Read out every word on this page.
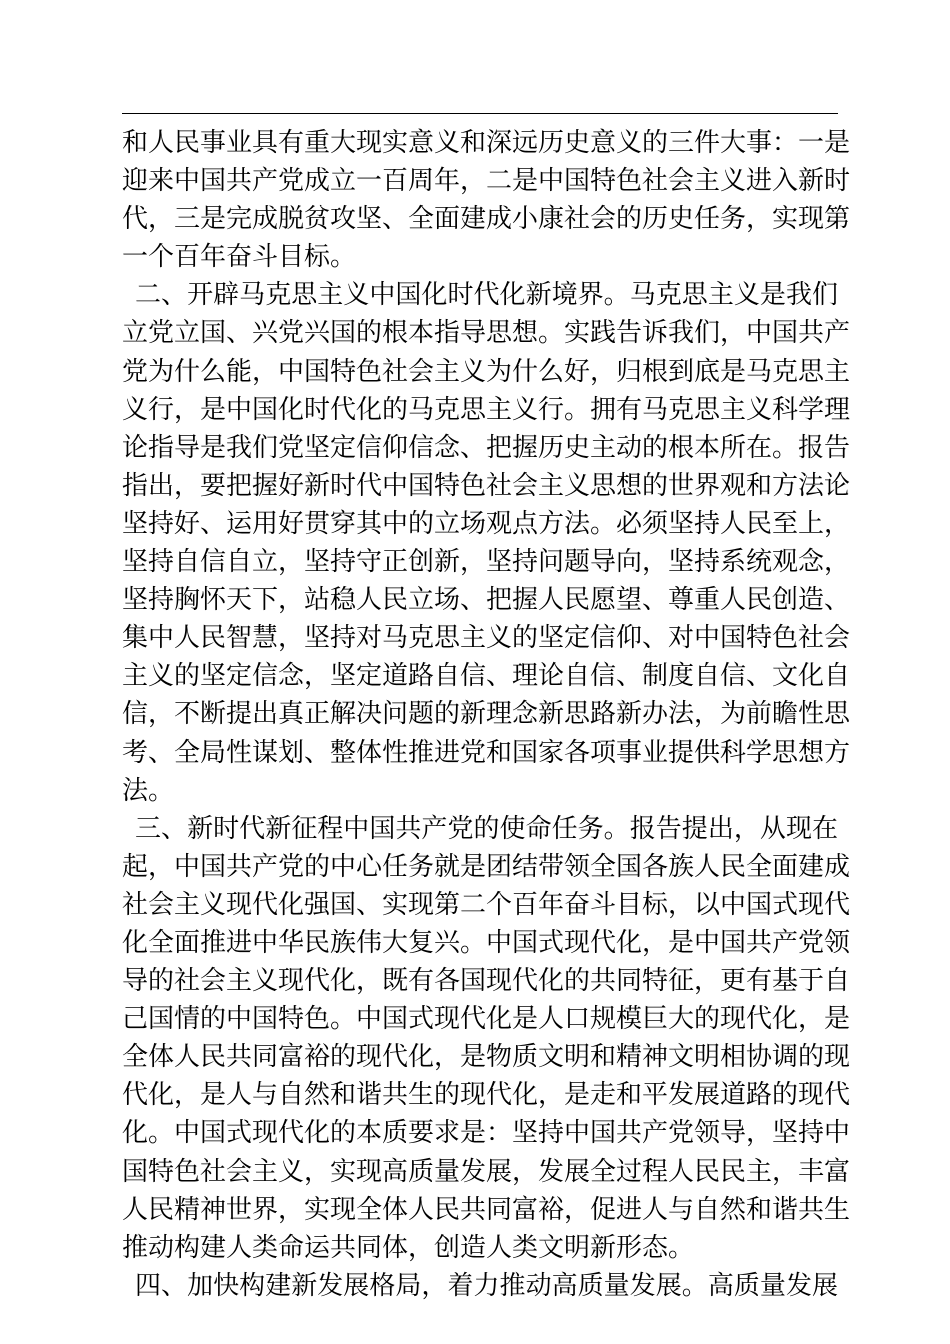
和人民事业具有重大现实意义和深远历史意义的三件大事：一是
迎来中国共产党成立一百周年，二是中国特色社会主义进入新时
代，三是完成脱贫攻坚、全面建成小康社会的历史任务，实现第
一个百年奋斗目标。
二、开辟马克思主义中国化时代化新境界。马克思主义是我们
立党立国、兴党兴国的根本指导思想。实践告诉我们，中国共产
党为什么能，中国特色社会主义为什么好，归根到底是马克思主
义行，是中国化时代化的马克思主义行。拥有马克思主义科学理
论指导是我们党坚定信仰信念、把握历史主动的根本所在。报告
指出，要把握好新时代中国特色社会主义思想的世界观和方法论
坚持好、运用好贯穿其中的立场观点方法。必须坚持人民至上，
坚持自信自立，坚持守正创新，坚持问题导向，坚持系统观念，
坚持胸怀天下，站稳人民立场、把握人民愿望、尊重人民创造、
集中人民智慧，坚持对马克思主义的坚定信仰、对中国特色社会
主义的坚定信念，坚定道路自信、理论自信、制度自信、文化自
信，不断提出真正解决问题的新理念新思路新办法，为前瞻性思
考、全局性谋划、整体性推进党和国家各项事业提供科学思想方
法。
三、新时代新征程中国共产党的使命任务。报告提出，从现在
起，中国共产党的中心任务就是团结带领全国各族人民全面建成
社会主义现代化强国、实现第二个百年奋斗目标，以中国式现代
化全面推进中华民族伟大复兴。中国式现代化，是中国共产党领
导的社会主义现代化，既有各国现代化的共同特征，更有基于自
己国情的中国特色。中国式现代化是人口规模巨大的现代化，是
全体人民共同富裕的现代化，是物质文明和精神文明相协调的现
代化，是人与自然和谐共生的现代化，是走和平发展道路的现代
化。中国式现代化的本质要求是：坚持中国共产党领导，坚持中
国特色社会主义，实现高质量发展，发展全过程人民民主，丰富
人民精神世界，实现全体人民共同富裕，促进人与自然和谐共生
推动构建人类命运共同体，创造人类文明新形态。
四、加快构建新发展格局，着力推动高质量发展。高质量发展
